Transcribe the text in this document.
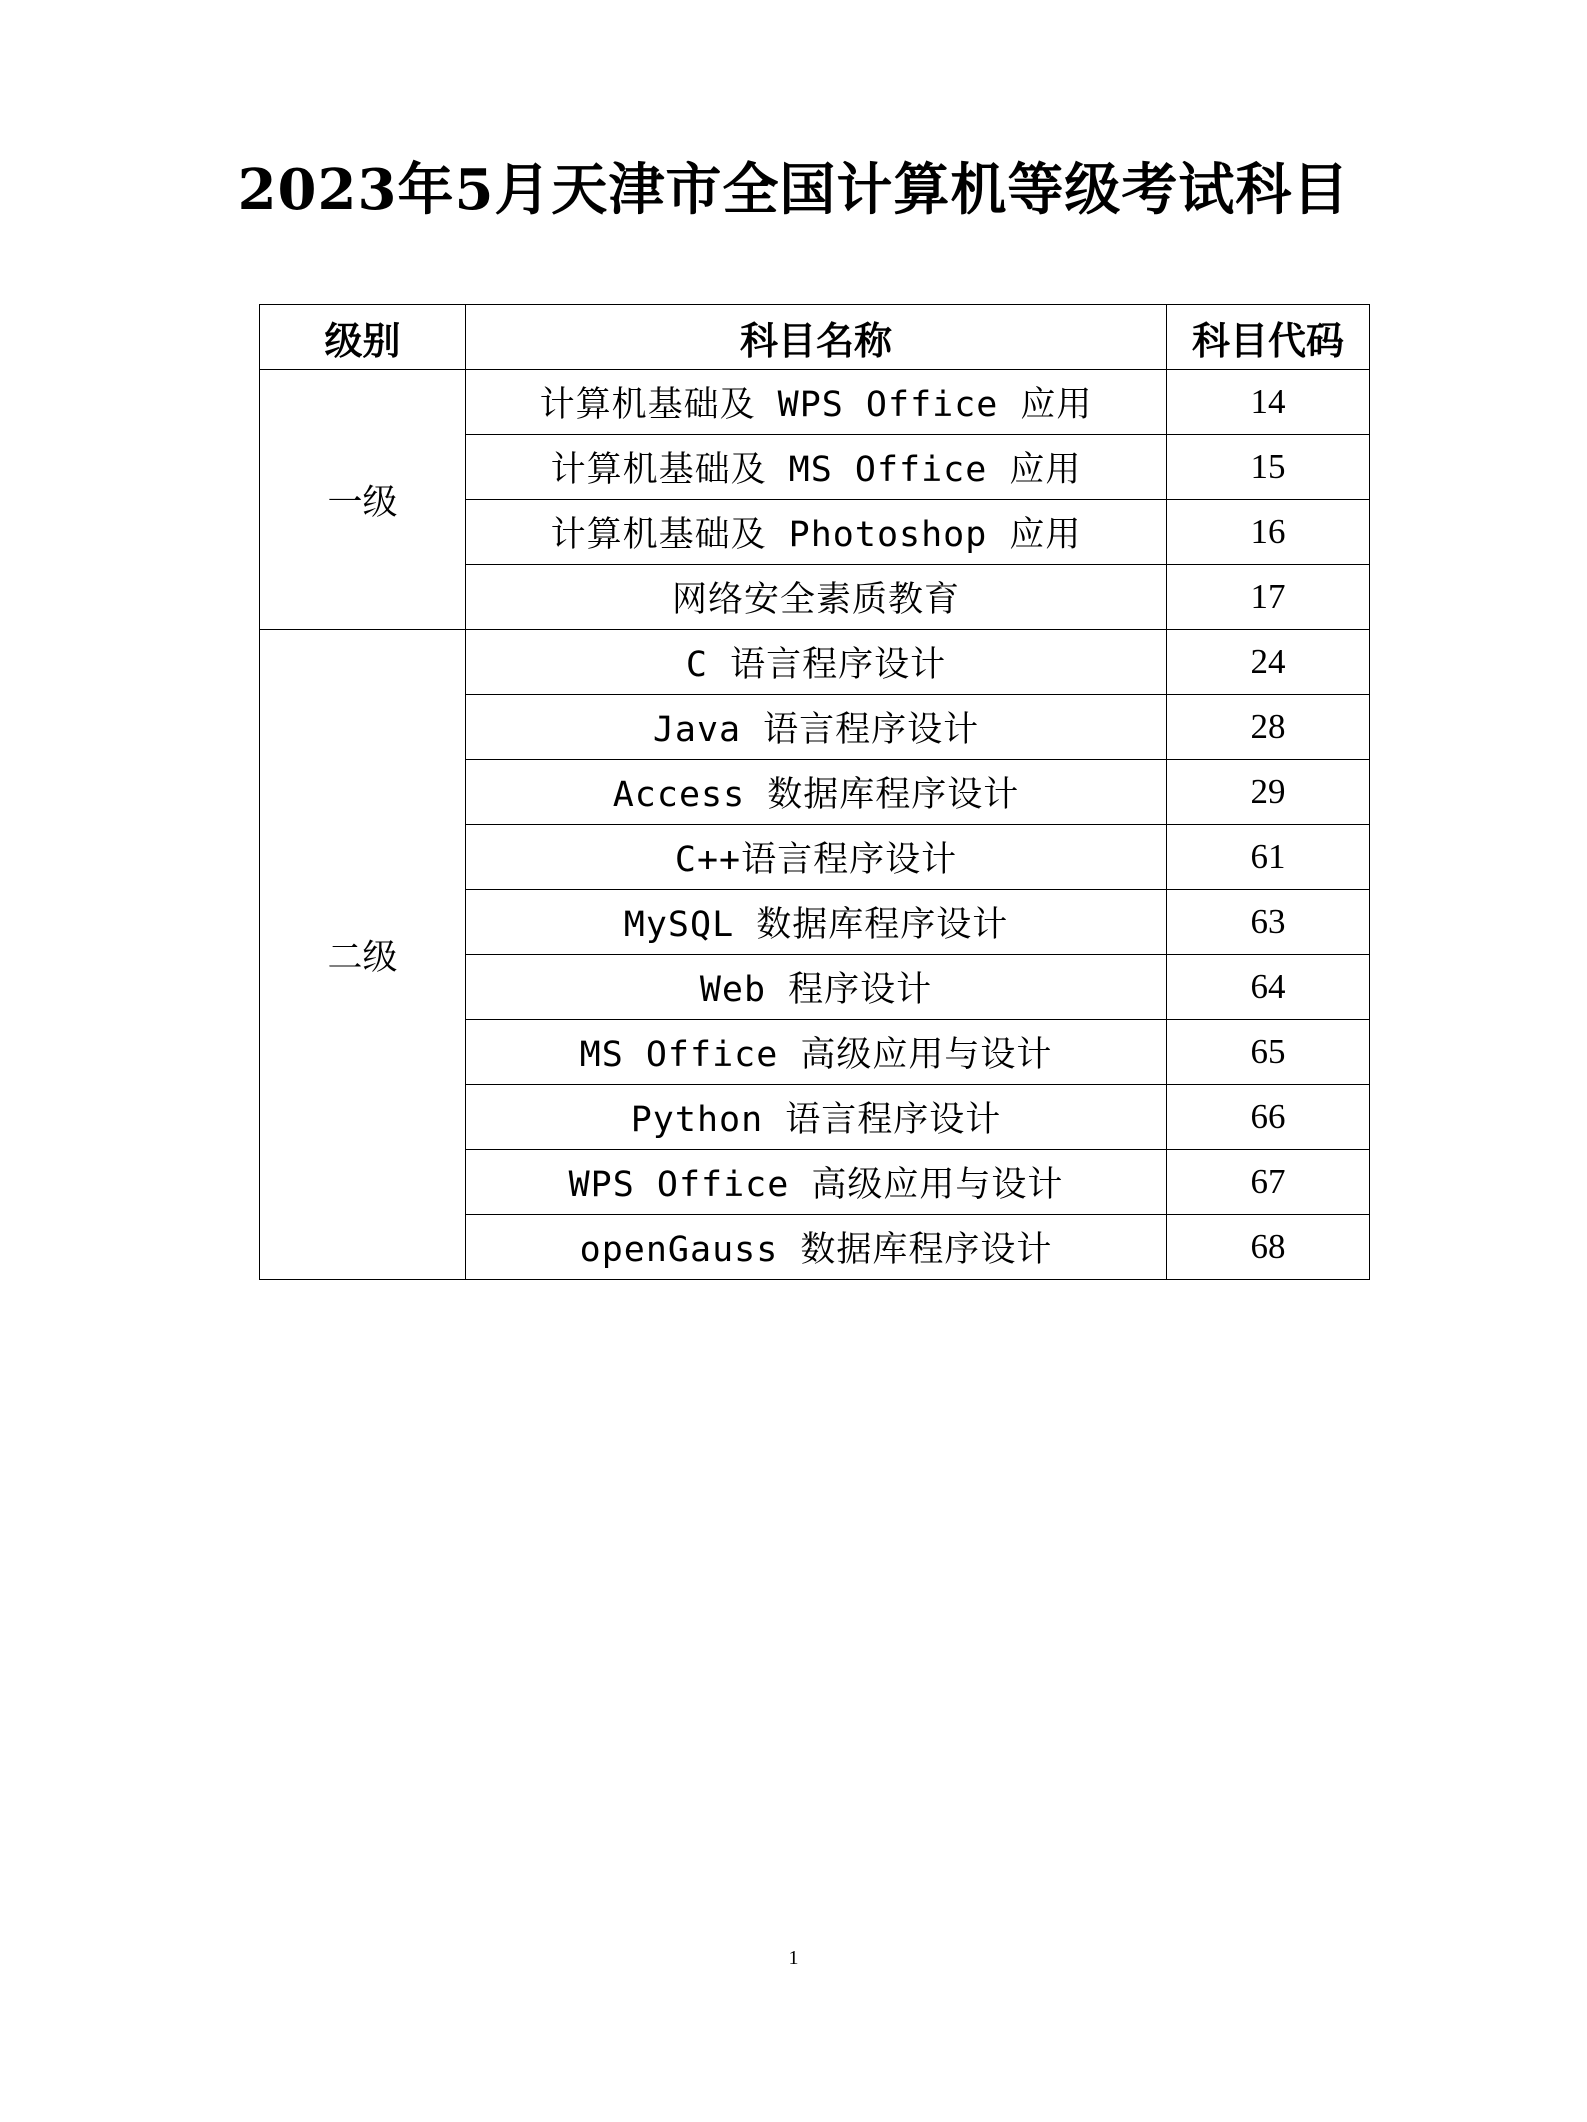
2023年5月天津市全国计算机等级考试科目
级别	科目名称	科目代码
一级	计算机基础及 WPS Office 应用	14
	计算机基础及 MS Office 应用	15
	计算机基础及 Photoshop 应用	16
	网络安全素质教育	17
二级	C 语言程序设计	24
	Java 语言程序设计	28
	Access 数据库程序设计	29
	C++语言程序设计	61
	MySQL 数据库程序设计	63
	Web 程序设计	64
	MS Office 高级应用与设计	65
	Python 语言程序设计	66
	WPS Office 高级应用与设计	67
	openGauss 数据库程序设计	68
1
